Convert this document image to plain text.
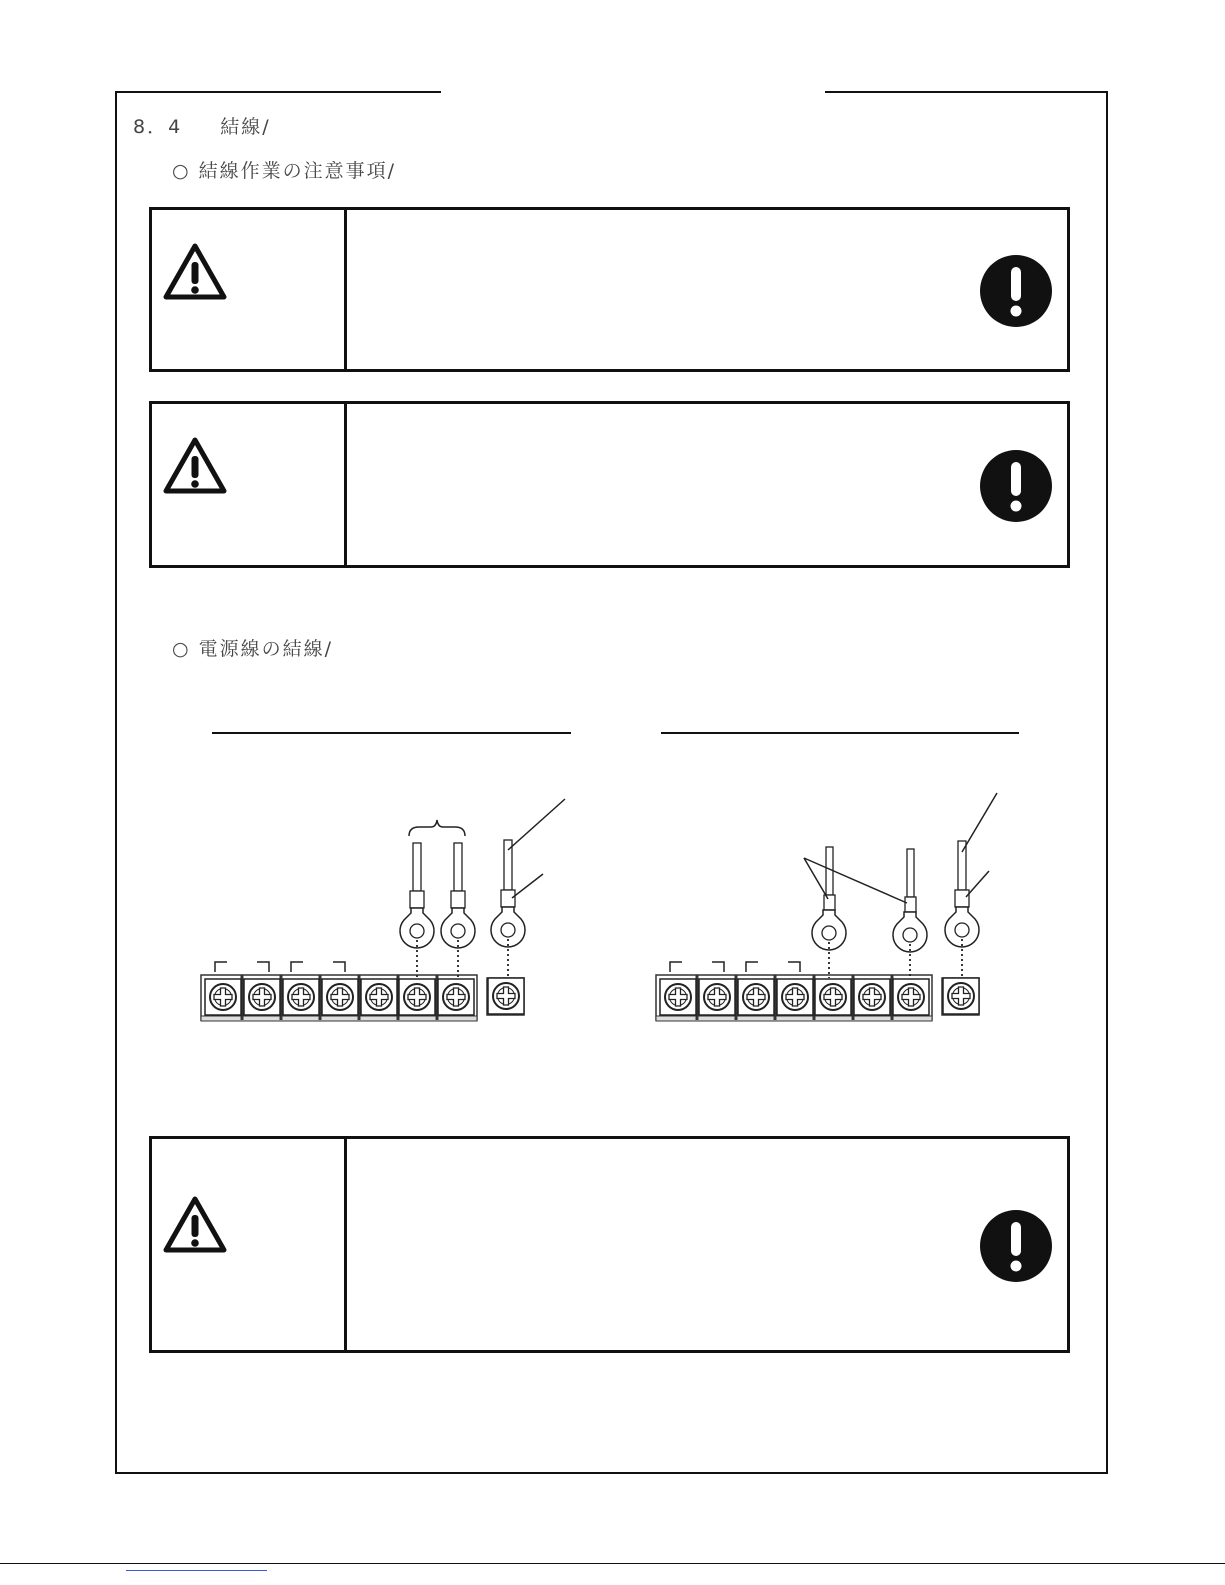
8．4 結線/
○ 結線作業の注意事項/
○ 電源線の結線/
